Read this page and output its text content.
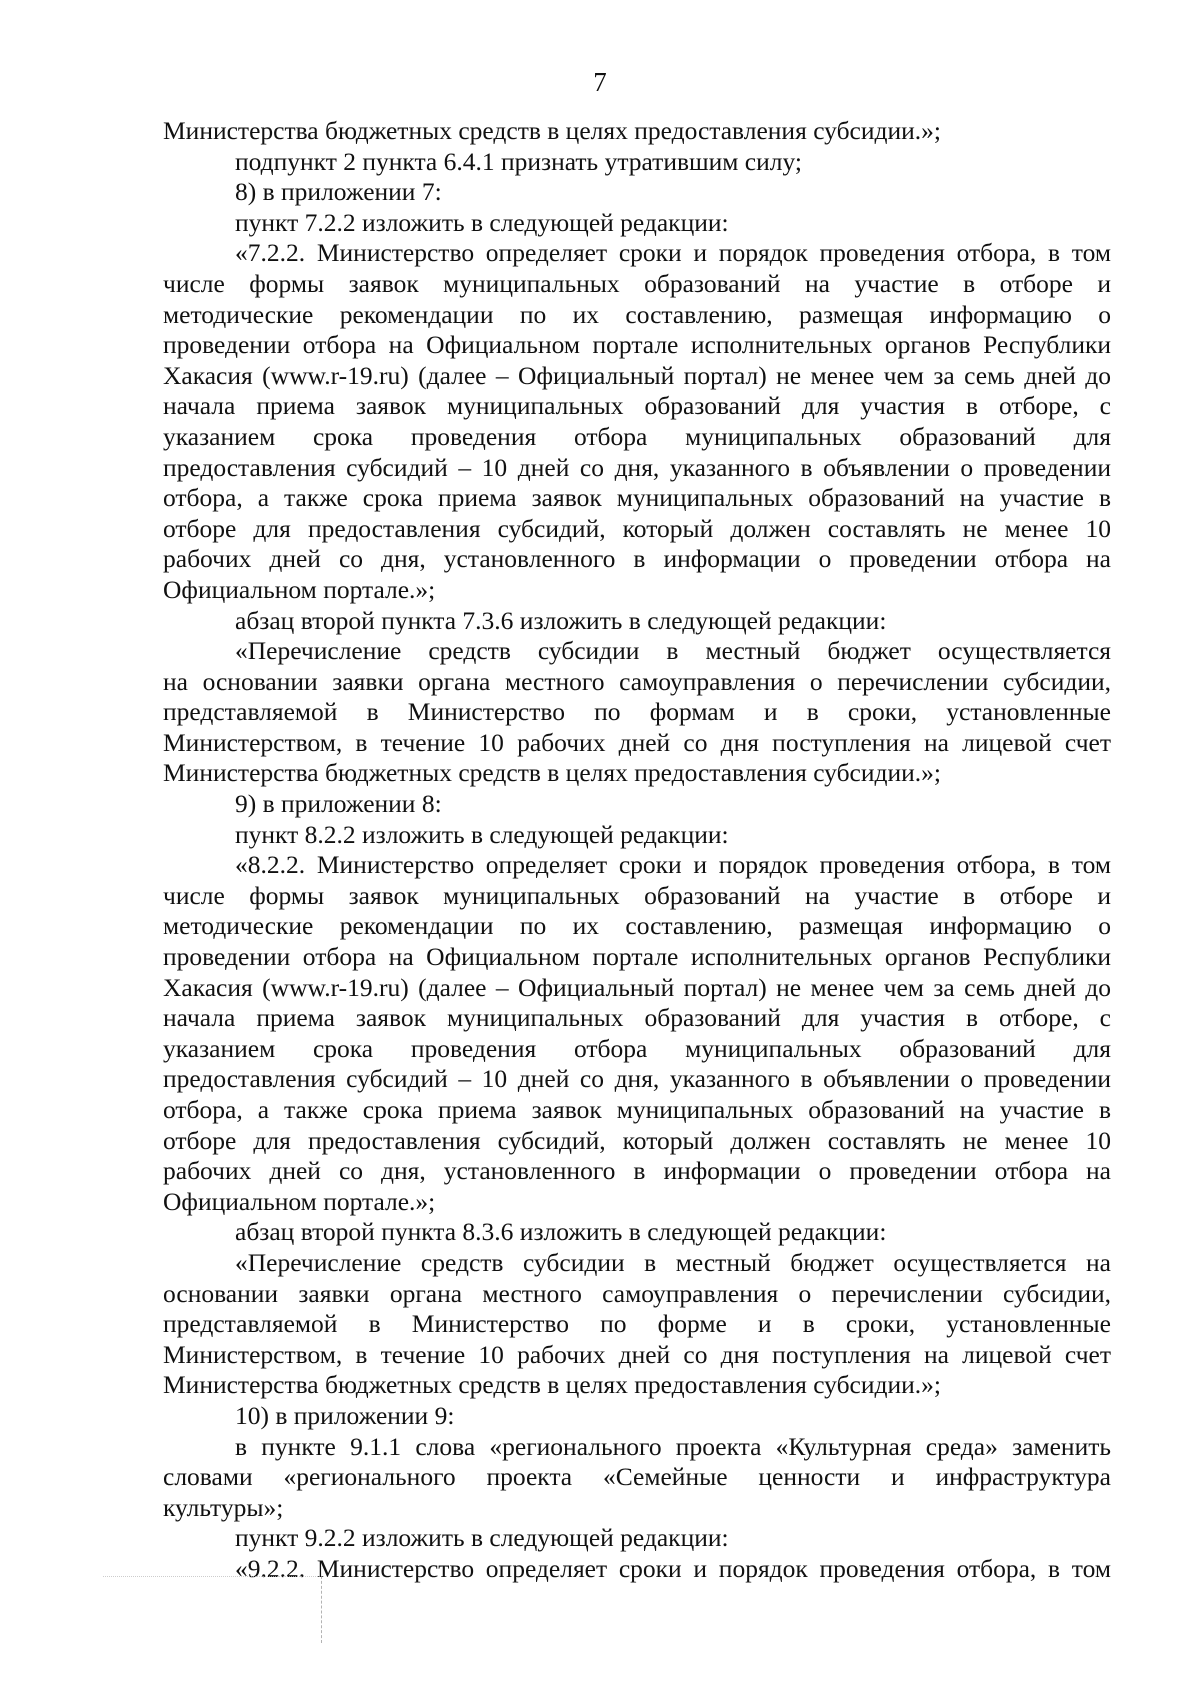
7
Министерства бюджетных средств в целях предоставления субсидии.»;
подпункт 2 пункта 6.4.1 признать утратившим силу;
8) в приложении 7:
пункт 7.2.2 изложить в следующей редакции:
«7.2.2. Министерство определяет сроки и порядок проведения отбора, в том
числе формы заявок муниципальных образований на участие в отборе и
методические рекомендации по их составлению, размещая информацию о
проведении отбора на Официальном портале исполнительных органов Республики
Хакасия (www.r-19.ru) (далее – Официальный портал) не менее чем за семь дней до
начала приема заявок муниципальных образований для участия в отборе, с
указанием срока проведения отбора муниципальных образований для
предоставления субсидий – 10 дней со дня, указанного в объявлении о проведении
отбора, а также срока приема заявок муниципальных образований на участие в
отборе для предоставления субсидий, который должен составлять не менее 10
рабочих дней со дня, установленного в информации о проведении отбора на
Официальном портале.»;
абзац второй пункта 7.3.6 изложить в следующей редакции:
«Перечисление средств субсидии в местный бюджет осуществляется
на основании заявки органа местного самоуправления о перечислении субсидии,
представляемой в Министерство по формам и в сроки, установленные
Министерством, в течение 10 рабочих дней со дня поступления на лицевой счет
Министерства бюджетных средств в целях предоставления субсидии.»;
9) в приложении 8:
пункт 8.2.2 изложить в следующей редакции:
«8.2.2. Министерство определяет сроки и порядок проведения отбора, в том
числе формы заявок муниципальных образований на участие в отборе и
методические рекомендации по их составлению, размещая информацию о
проведении отбора на Официальном портале исполнительных органов Республики
Хакасия (www.r-19.ru) (далее – Официальный портал) не менее чем за семь дней до
начала приема заявок муниципальных образований для участия в отборе, с
указанием срока проведения отбора муниципальных образований для
предоставления субсидий – 10 дней со дня, указанного в объявлении о проведении
отбора, а также срока приема заявок муниципальных образований на участие в
отборе для предоставления субсидий, который должен составлять не менее 10
рабочих дней со дня, установленного в информации о проведении отбора на
Официальном портале.»;
абзац второй пункта 8.3.6 изложить в следующей редакции:
«Перечисление средств субсидии в местный бюджет осуществляется на
основании заявки органа местного самоуправления о перечислении субсидии,
представляемой в Министерство по форме и в сроки, установленные
Министерством, в течение 10 рабочих дней со дня поступления на лицевой счет
Министерства бюджетных средств в целях предоставления субсидии.»;
10) в приложении 9:
в пункте 9.1.1 слова «регионального проекта «Культурная среда» заменить
словами «регионального проекта «Семейные ценности и инфраструктура
культуры»;
пункт 9.2.2 изложить в следующей редакции:
«9.2.2. Министерство определяет сроки и порядок проведения отбора, в том
